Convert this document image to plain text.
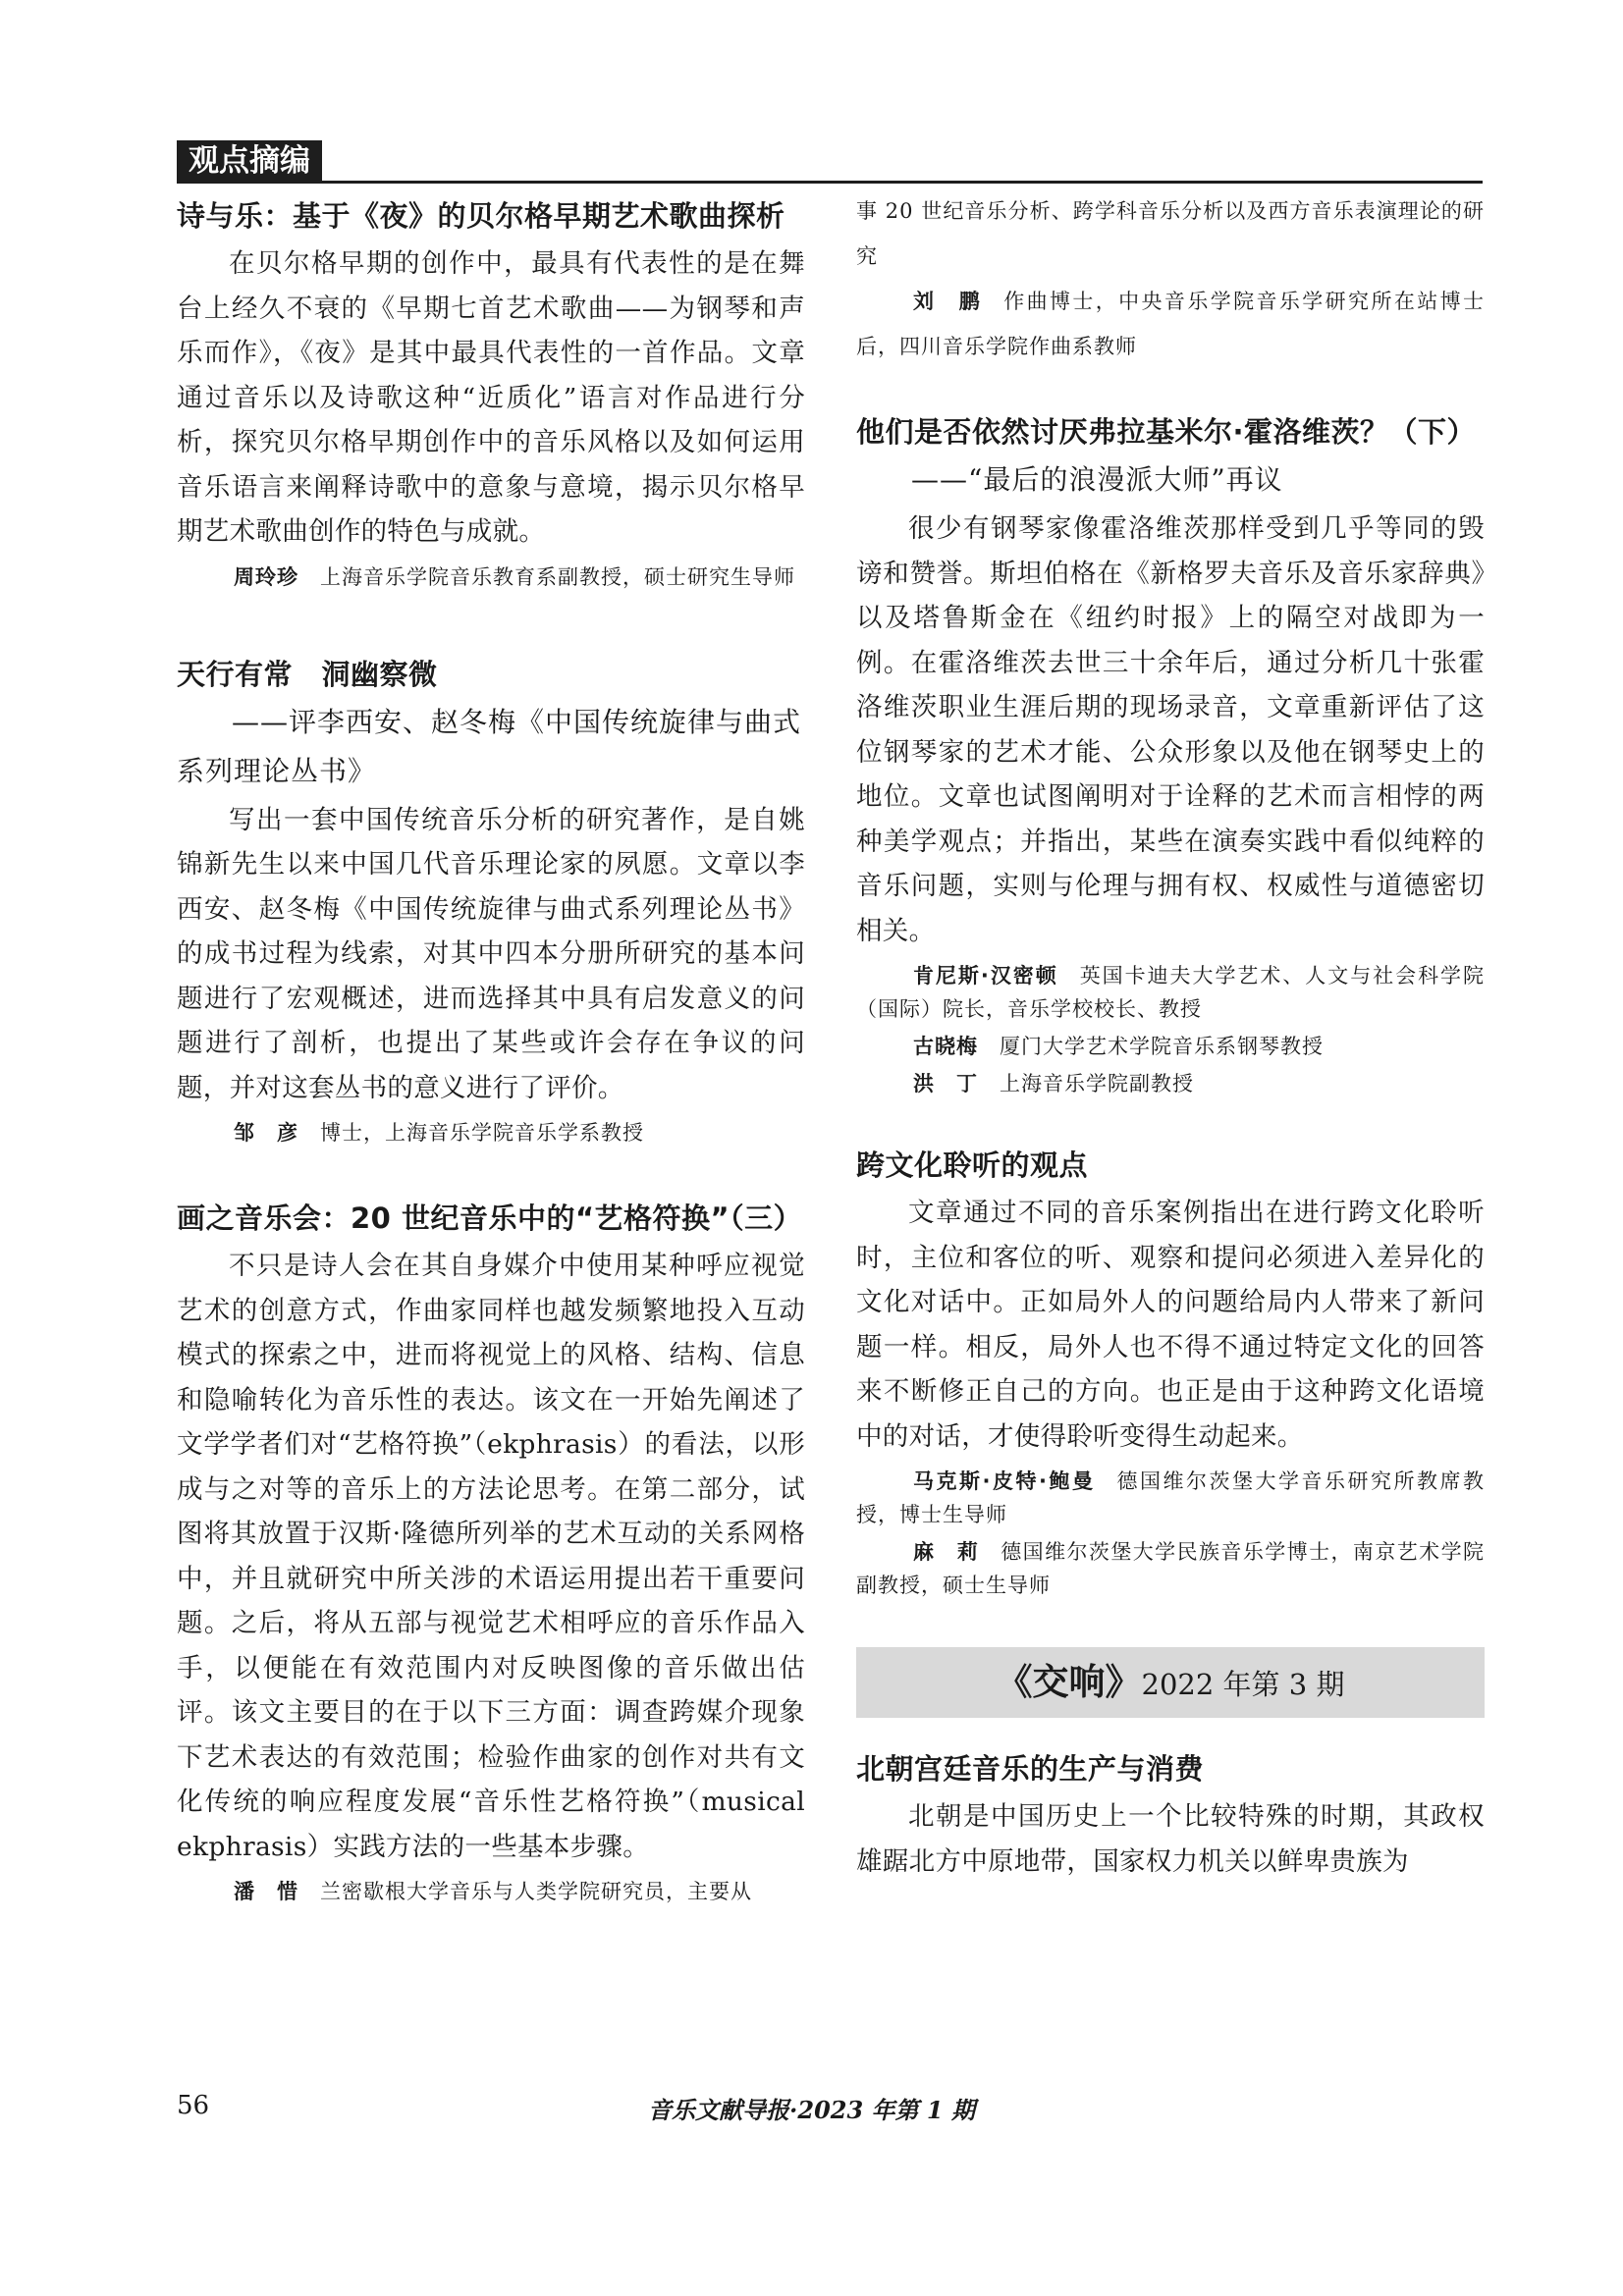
观点摘编
诗与乐：基于《夜》的贝尔格早期艺术歌曲探析

在贝尔格早期的创作中，最具有代表性的是在舞台上经久不衰的《早期七首艺术歌曲——为钢琴和声乐而作》，《夜》是其中最具代表性的一首作品。文章通过音乐以及诗歌这种“近质化”语言对作品进行分析，探究贝尔格早期创作中的音乐风格以及如何运用音乐语言来阐释诗歌中的意象与意境，揭示贝尔格早期艺术歌曲创作的特色与成就。

周玲珍 上海音乐学院音乐教育系副教授，硕士研究生导师

天行有常　洞幽察微
——评李西安、赵冬梅《中国传统旋律与曲式系列理论丛书》

写出一套中国传统音乐分析的研究著作，是自姚锦新先生以来中国几代音乐理论家的夙愿。文章以李西安、赵冬梅《中国传统旋律与曲式系列理论丛书》的成书过程为线索，对其中四本分册所研究的基本问题进行了宏观概述，进而选择其中具有启发意义的问题进行了剖析，也提出了某些或许会存在争议的问题，并对这套丛书的意义进行了评价。

邹　彦 博士，上海音乐学院音乐学系教授

画之音乐会：20 世纪音乐中的“艺格符换”（三）

不只是诗人会在其自身媒介中使用某种呼应视觉艺术的创意方式，作曲家同样也越发频繁地投入互动模式的探索之中，进而将视觉上的风格、结构、信息和隐喻转化为音乐性的表达。该文在一开始先阐述了文学学者们对“艺格符换”（ekphrasis）的看法，以形成与之对等的音乐上的方法论思考。在第二部分，试图将其放置于汉斯·隆德所列举的艺术互动的关系网格中，并且就研究中所关涉的术语运用提出若干重要问题。之后，将从五部与视觉艺术相呼应的音乐作品入手，以便能在有效范围内对反映图像的音乐做出估评。该文主要目的在于以下三方面：调查跨媒介现象下艺术表达的有效范围；检验作曲家的创作对共有文化传统的响应程度发展“音乐性艺格符换”（musical ekphrasis）实践方法的一些基本步骤。

潘　惜 兰密歇根大学音乐与人类学院研究员，主要从

事 20 世纪音乐分析、跨学科音乐分析以及西方音乐表演理论的研究

刘　鹏 作曲博士，中央音乐学院音乐学研究所在站博士后，四川音乐学院作曲系教师

他们是否依然讨厌弗拉基米尔·霍洛维茨？（下）
——“最后的浪漫派大师”再议

很少有钢琴家像霍洛维茨那样受到几乎等同的毁谤和赞誉。斯坦伯格在《新格罗夫音乐及音乐家辞典》以及塔鲁斯金在《纽约时报》上的隔空对战即为一例。在霍洛维茨去世三十余年后，通过分析几十张霍洛维茨职业生涯后期的现场录音，文章重新评估了这位钢琴家的艺术才能、公众形象以及他在钢琴史上的地位。文章也试图阐明对于诠释的艺术而言相悖的两种美学观点；并指出，某些在演奏实践中看似纯粹的音乐问题，实则与伦理与拥有权、权威性与道德密切相关。

肯尼斯·汉密顿 英国卡迪夫大学艺术、人文与社会科学院（国际）院长，音乐学校校长、教授

古晓梅 厦门大学艺术学院音乐系钢琴教授

洪　丁 上海音乐学院副教授

跨文化聆听的观点

文章通过不同的音乐案例指出在进行跨文化聆听时，主位和客位的听、观察和提问必须进入差异化的文化对话中。正如局外人的问题给局内人带来了新问题一样。相反，局外人也不得不通过特定文化的回答来不断修正自己的方向。也正是由于这种跨文化语境中的对话，才使得聆听变得生动起来。

马克斯·皮特·鲍曼 德国维尔茨堡大学音乐研究所教席教授，博士生导师

麻　莉 德国维尔茨堡大学民族音乐学博士，南京艺术学院副教授，硕士生导师

《交响》2022 年第 3 期
北朝宫廷音乐的生产与消费

北朝是中国历史上一个比较特殊的时期，其政权雄踞北方中原地带，国家权力机关以鲜卑贵族为

56	音乐文献导报·2023 年第 1 期
